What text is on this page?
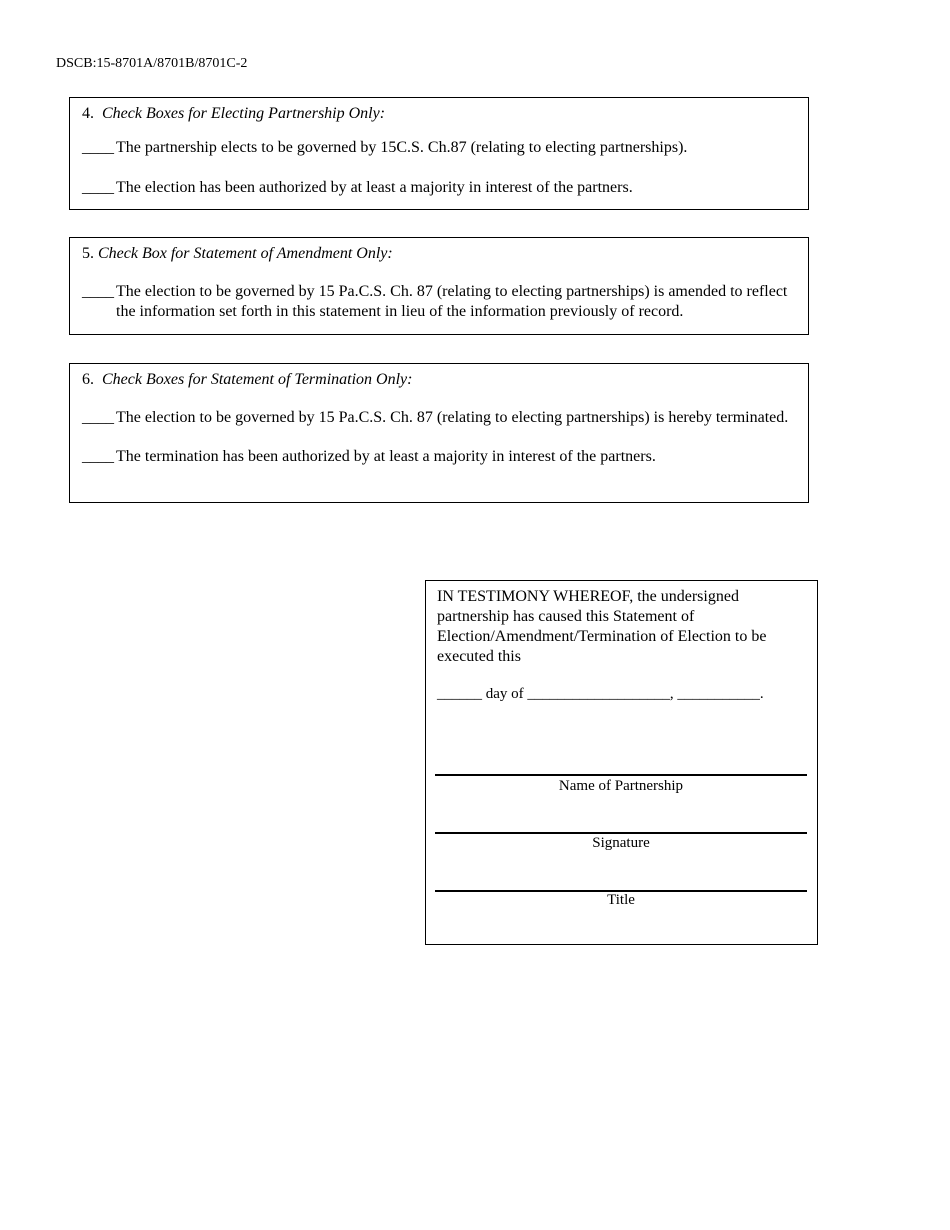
DSCB:15-8701A/8701B/8701C-2
4. Check Boxes for Electing Partnership Only:
____ The partnership elects to be governed by 15C.S. Ch.87 (relating to electing partnerships).
____ The election has been authorized by at least a majority in interest of the partners.
5. Check Box for Statement of Amendment Only:
____ The election to be governed by 15 Pa.C.S. Ch. 87 (relating to electing partnerships) is amended to reflect the information set forth in this statement in lieu of the information previously of record.
6. Check Boxes for Statement of Termination Only:
____ The election to be governed by 15 Pa.C.S. Ch. 87 (relating to electing partnerships) is hereby terminated.
____ The termination has been authorized by at least a majority in interest of the partners.
IN TESTIMONY WHEREOF, the undersigned partnership has caused this Statement of Election/Amendment/Termination of Election to be executed this
______ day of ___________________, ___________.
Name of Partnership
Signature
Title
